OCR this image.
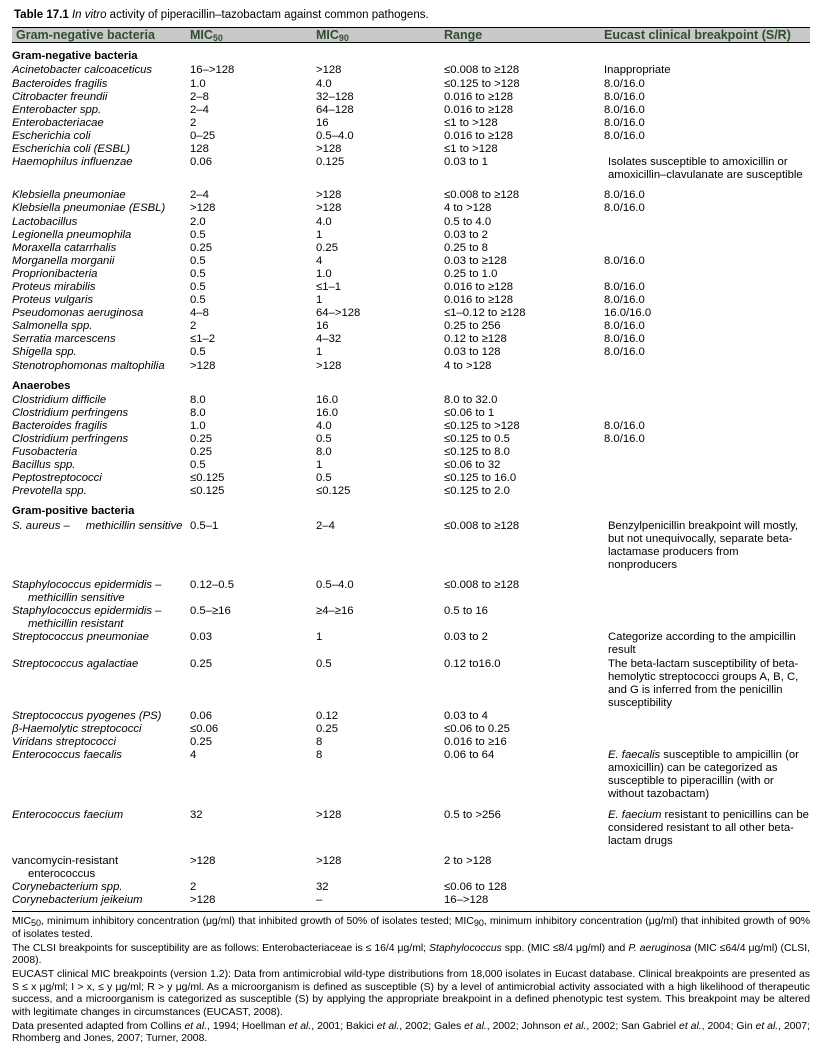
Table 17.1 In vitro activity of piperacillin–tazobactam against common pathogens.

Gram-negative bacteria	MIC50	MIC90	Range	Eucast clinical breakpoint (S/R)
Gram-negative bacteria				
Acinetobacter calcoaceticus	16–>128	>128	≤0.008 to ≥128	Inappropriate
Bacteroides fragilis	1.0	4.0	≤0.125 to >128	8.0/16.0
Citrobacter freundii	2–8	32–128	0.016 to ≥128	8.0/16.0
Enterobacter spp.	2–4	64–128	0.016 to ≥128	8.0/16.0
Enterobacteriacae	2	16	≤1 to >128	8.0/16.0
Escherichia coli	0–25	0.5–4.0	0.016 to ≥128	8.0/16.0
Escherichia coli (ESBL)	128	>128	≤1 to >128	
Haemophilus influenzae	0.06	0.125	0.03 to 1	Isolates susceptible to amoxicillin or amoxicillin–clavulanate are susceptible

Klebsiella pneumoniae	2–4	>128	≤0.008 to ≥128	8.0/16.0
Klebsiella pneumoniae (ESBL)	>128	>128	4 to >128	8.0/16.0
Lactobacillus	2.0	4.0	0.5 to 4.0	
Legionella pneumophila	0.5	1	0.03 to 2	
Moraxella catarrhalis	0.25	0.25	0.25 to 8	
Morganella morganii	0.5	4	0.03 to ≥128	8.0/16.0
Proprionibacteria	0.5	1.0	0.25 to 1.0	
Proteus mirabilis	0.5	≤1–1	0.016 to ≥128	8.0/16.0
Proteus vulgaris	0.5	1	0.016 to ≥128	8.0/16.0
Pseudomonas aeruginosa	4–8	64–>128	≤1–0.12 to ≥128	16.0/16.0
Salmonella spp.	2	16	0.25 to 256	8.0/16.0
Serratia marcescens	≤1–2	4–32	0.12 to ≥128	8.0/16.0
Shigella spp.	0.5	1	0.03 to 128	8.0/16.0
Stenotrophomonas maltophilia	>128	>128	4 to >128	
Anaerobes				
Clostridium difficile	8.0	16.0	8.0 to 32.0	
Clostridium perfringens	8.0	16.0	≤0.06 to 1	
Bacteroides fragilis	1.0	4.0	≤0.125 to >128	8.0/16.0
Clostridium perfringens	0.25	0.5	≤0.125 to 0.5	8.0/16.0
Fusobacteria	0.25	8.0	≤0.125 to 8.0	
Bacillus spp.	0.5	1	≤0.06 to 32	
Peptostreptococci	≤0.125	0.5	≤0.125 to 16.0	
Prevotella spp.	≤0.125	≤0.125	≤0.125 to 2.0	
Gram-positive bacteria				
S. aureus – methicillin sensitive	0.5–1	2–4	≤0.008 to ≥128	Benzylpenicillin breakpoint will mostly, but not unequivocally, separate beta-lactamase producers from nonproducers

Staphylococcus epidermidis –methicillin sensitive	0.12–0.5	0.5–4.0	≤0.008 to ≥128	
Staphylococcus epidermidis –methicillin resistant	0.5–≥16	≥4–≥16	0.5 to 16	
Streptococcus pneumoniae	0.03	1	0.03 to 2	Categorize according to the ampicillin result
Streptococcus agalactiae	0.25	0.5	0.12 to16.0	The beta-lactam susceptibility of beta-hemolytic streptococci groups A, B, C, and G is inferred from the penicillin susceptibility
Streptococcus pyogenes (PS)	0.06	0.12	0.03 to 4	
β-Haemolytic streptococci	≤0.06	0.25	≤0.06 to 0.25	
Viridans streptococci	0.25	8	0.016 to ≥16	
Enterococcus faecalis	4	8	0.06 to 64	E. faecalis susceptible to ampicillin (or amoxicillin) can be categorized as susceptible to piperacillin (with or without tazobactam)

Enterococcus faecium	32	>128	0.5 to >256	E. faecium resistant to penicillins can be considered resistant to all other beta-lactam drugs

vancomycin-resistant
enterococcus	>128	>128	2 to >128	
Corynebacterium spp.	2	32	≤0.06 to 128	
Corynebacterium jeikeium	>128	–	16–>128	

MIC50, minimum inhibitory concentration (μg/ml) that inhibited growth of 50% of isolates tested; MIC90, minimum inhibitory concentration (μg/ml) that inhibited growth of 90% of isolates tested.

The CLSI breakpoints for susceptibility are as follows: Enterobacteriaceae is ≤ 16/4 μg/ml; Staphylococcus spp. (MIC ≤8/4 μg/ml) and P. aeruginosa (MIC ≤64/4 μg/ml) (CLSI, 2008).

EUCAST clinical MIC breakpoints (version 1.2): Data from antimicrobial wild-type distributions from 18,000 isolates in Eucast database. Clinical breakpoints are presented as S ≤ x μg/ml; I > x, ≤ y μg/ml; R > y μg/ml. As a microorganism is defined as susceptible (S) by a level of antimicrobial activity associated with a high likelihood of therapeutic success, and a microorganism is categorized as susceptible (S) by applying the appropriate breakpoint in a defined phenotypic test system. This breakpoint may be altered with legitimate changes in circumstances (EUCAST, 2008).

Data presented adapted from Collins et al., 1994; Hoellman et al., 2001; Bakici et al., 2002; Gales et al., 2002; Johnson et al., 2002; San Gabriel et al., 2004; Gin et al., 2007; Rhomberg and Jones, 2007; Turner, 2008.
